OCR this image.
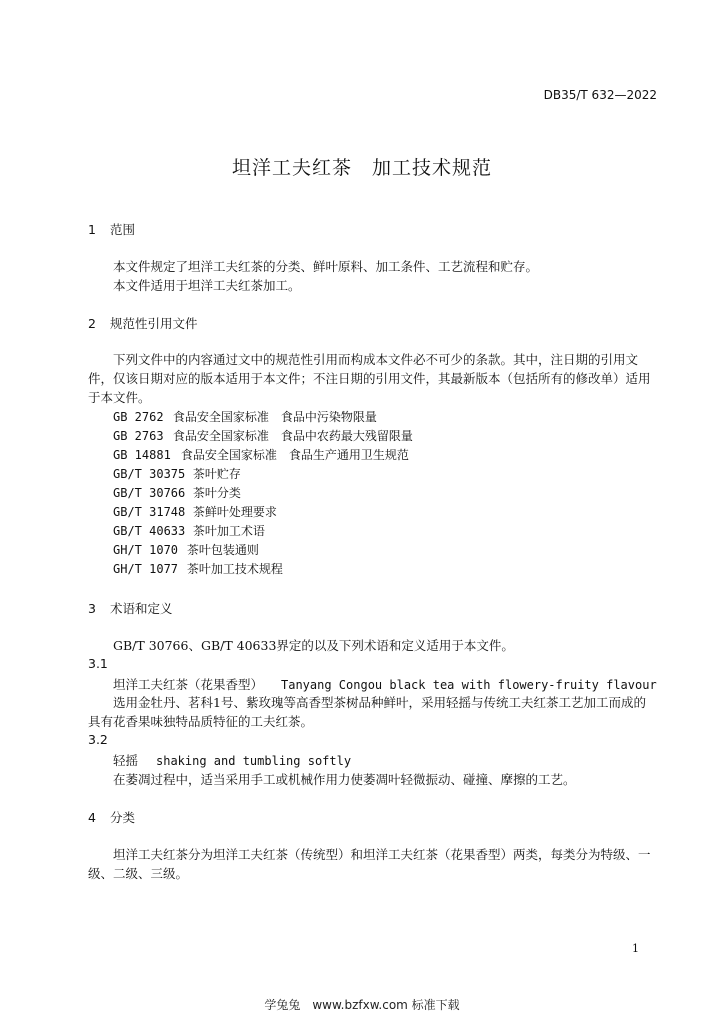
DB35/T 632—2022
坦洋工夫红茶　加工技术规范
1 范围
本文件规定了坦洋工夫红茶的分类、鲜叶原料、加工条件、工艺流程和贮存。
本文件适用于坦洋工夫红茶加工。
2 规范性引用文件
下列文件中的内容通过文中的规范性引用而构成本文件必不可少的条款。其中，注日期的引用文件，仅该日期对应的版本适用于本文件；不注日期的引用文件，其最新版本（包括所有的修改单）适用于本文件。
GB 2762 食品安全国家标准　食品中污染物限量
GB 2763 食品安全国家标准　食品中农药最大残留限量
GB 14881 食品安全国家标准　食品生产通用卫生规范
GB/T 30375 茶叶贮存
GB/T 30766 茶叶分类
GB/T 31748 茶鲜叶处理要求
GB/T 40633 茶叶加工术语
GH/T 1070 茶叶包装通则
GH/T 1077 茶叶加工技术规程
3 术语和定义
GB/T 30766、GB/T 40633界定的以及下列术语和定义适用于本文件。
3.1
坦洋工夫红茶（花果香型） Tanyang Congou black tea with flowery-fruity flavour
选用金牡丹、茗科1号、紫玫瑰等高香型茶树品种鲜叶，采用轻摇与传统工夫红茶工艺加工而成的具有花香果味独特品质特征的工夫红茶。
3.2
轻摇 shaking and tumbling softly
在萎凋过程中，适当采用手工或机械作用力使萎凋叶轻微振动、碰撞、摩擦的工艺。
4 分类
坦洋工夫红茶分为坦洋工夫红茶（传统型）和坦洋工夫红茶（花果香型）两类，每类分为特级、一级、二级、三级。
1
学兔兔　www.bzfxw.com 标准下载
